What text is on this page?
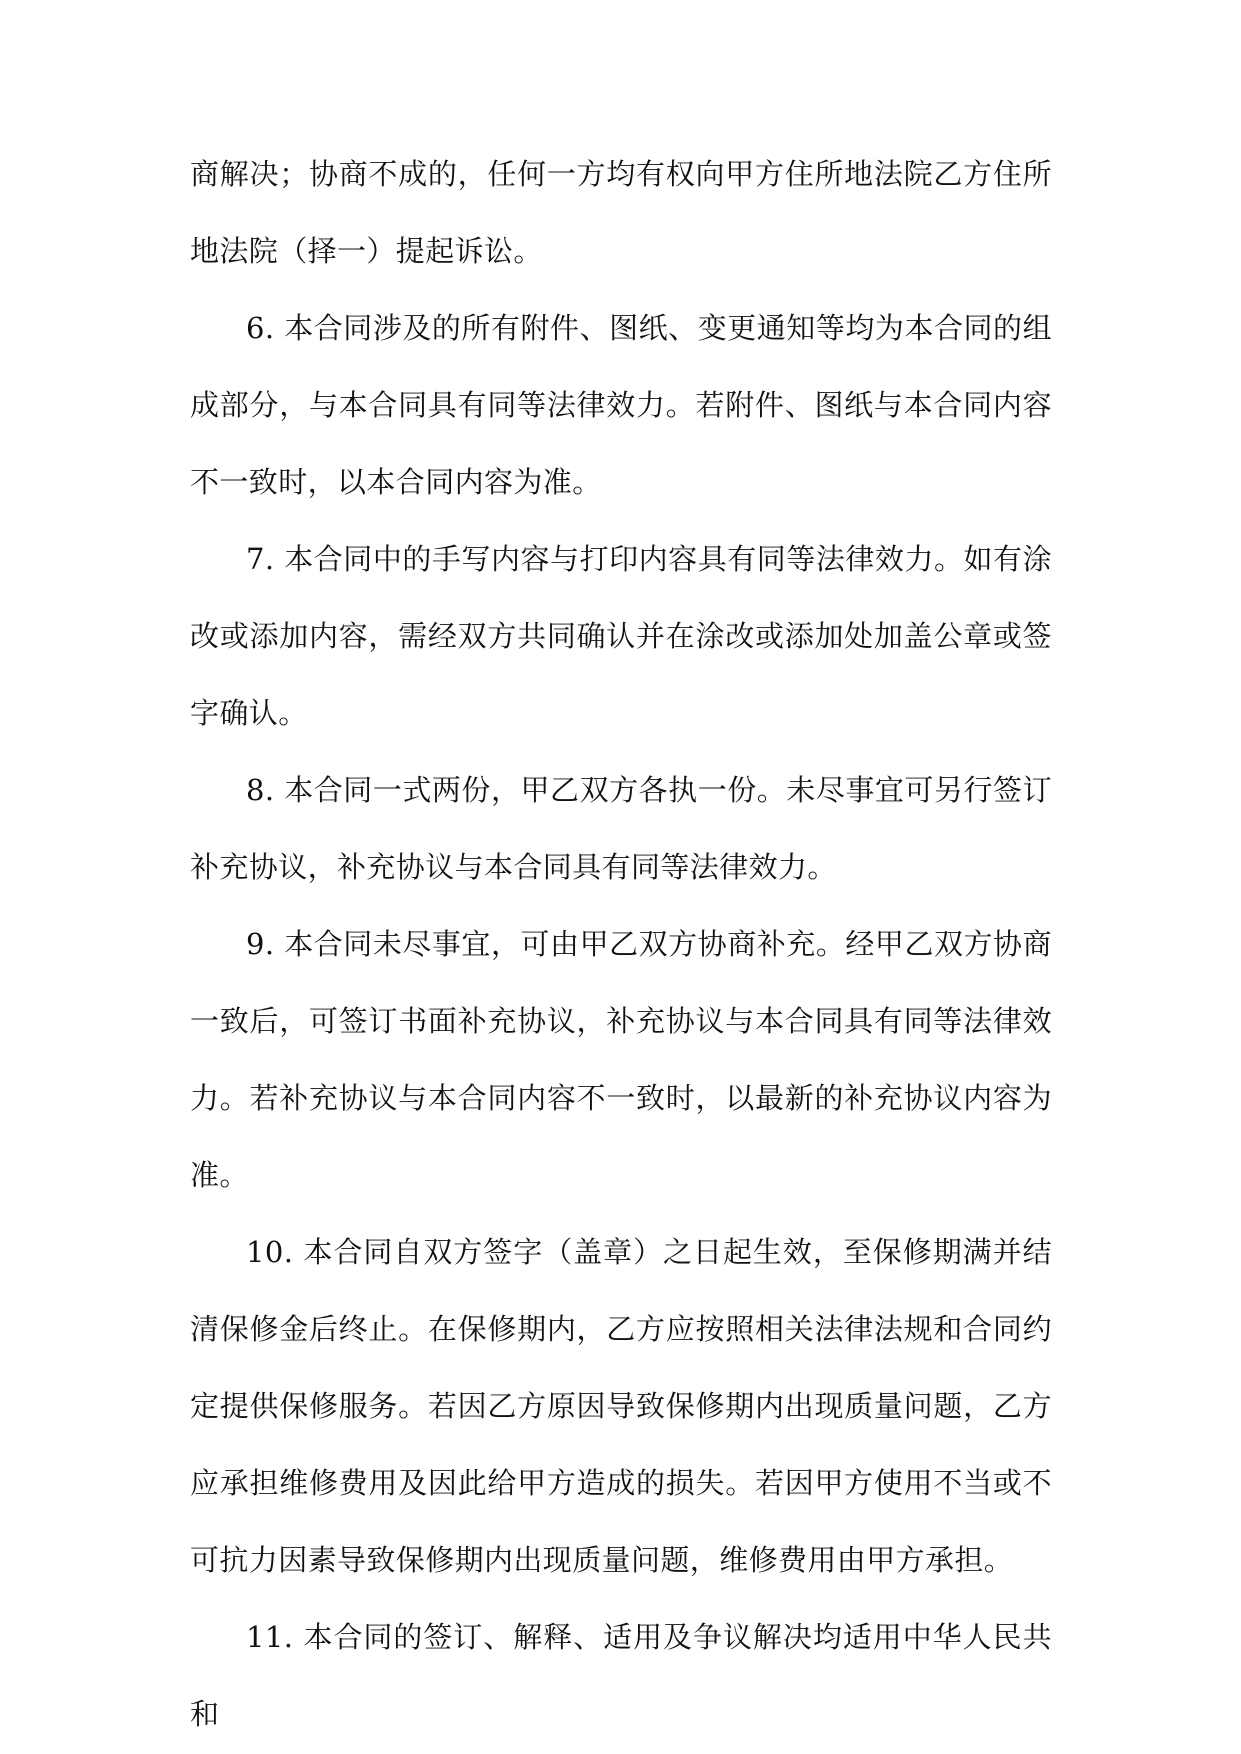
商解决；协商不成的，任何一方均有权向甲方住所地法院乙方住所地法院（择一）提起诉讼。

6. 本合同涉及的所有附件、图纸、变更通知等均为本合同的组成部分，与本合同具有同等法律效力。若附件、图纸与本合同内容不一致时，以本合同内容为准。

7. 本合同中的手写内容与打印内容具有同等法律效力。如有涂改或添加内容，需经双方共同确认并在涂改或添加处加盖公章或签字确认。

8. 本合同一式两份，甲乙双方各执一份。未尽事宜可另行签订补充协议，补充协议与本合同具有同等法律效力。

9. 本合同未尽事宜，可由甲乙双方协商补充。经甲乙双方协商一致后，可签订书面补充协议，补充协议与本合同具有同等法律效力。若补充协议与本合同内容不一致时，以最新的补充协议内容为准。

10. 本合同自双方签字（盖章）之日起生效，至保修期满并结清保修金后终止。在保修期内，乙方应按照相关法律法规和合同约定提供保修服务。若因乙方原因导致保修期内出现质量问题，乙方应承担维修费用及因此给甲方造成的损失。若因甲方使用不当或不可抗力因素导致保修期内出现质量问题，维修费用由甲方承担。

11. 本合同的签订、解释、适用及争议解决均适用中华人民共和
